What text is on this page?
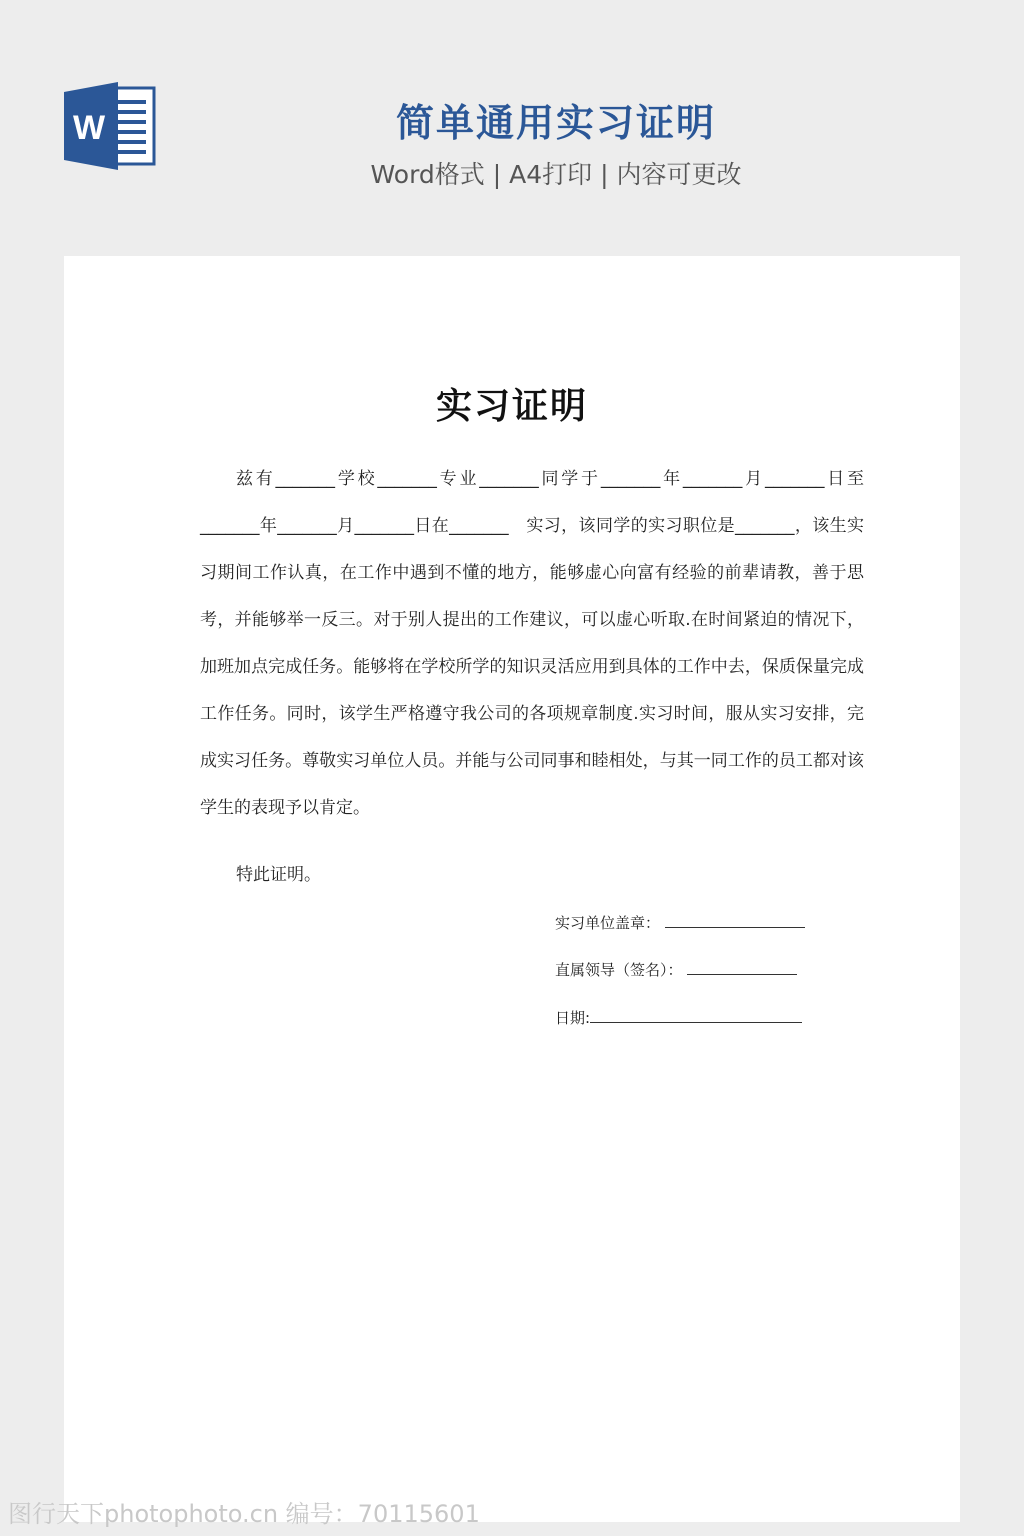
W	简单通用实习证明
Word格式 | A4打印 | 内容可更改
实习证明

兹有_______学校_______专业_______同学于_______年_______月_______日至_______年_______月_______日在_______　实习，该同学的实习职位是_______，该生实习期间工作认真，在工作中遇到不懂的地方，能够虚心向富有经验的前辈请教，善于思考，并能够举一反三。对于别人提出的工作建议，可以虚心听取.在时间紧迫的情况下，加班加点完成任务。能够将在学校所学的知识灵活应用到具体的工作中去，保质保量完成工作任务。同时，该学生严格遵守我公司的各项规章制度.实习时间，服从实习安排，完成实习任务。尊敬实习单位人员。并能与公司同事和睦相处，与其一同工作的员工都对该学生的表现予以肯定。

特此证明。
实习单位盖章：
直属领导（签名）：
日期:
图行天下photophoto.cn 编号：70115601
